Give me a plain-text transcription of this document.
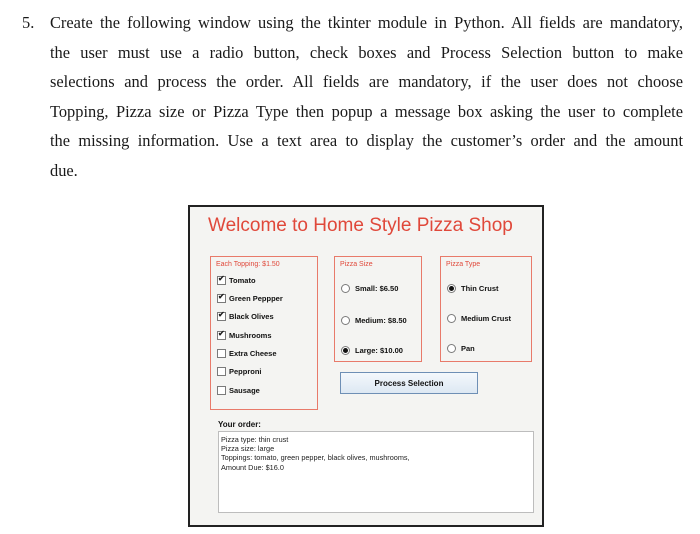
5. Create the following window using the tkinter module in Python. All fields are mandatory,
the user must use a radio button, check boxes and Process Selection button to make
selections and process the order. All fields are mandatory, if the user does not choose
Topping, Pizza size or Pizza Type then popup a message box asking the user to complete
the missing information. Use a text area to display the customer’s order and the amount
due.
Welcome to Home Style Pizza Shop
Each Topping: $1.50
✔
Tomato
✔
Green Peppper
✔
Black Olives
✔
Mushrooms
Extra Cheese
Pepproni
Sausage
Pizza Size
Small: $6.50
Medium: $8.50
Large: $10.00
Pizza Type
Thin Crust
Medium Crust
Pan
Process Selection
Your order:
Pizza type: thin crust
Pizza size: large
Toppings: tomato, green pepper, black olives, mushrooms,
Amount Due: $16.0
